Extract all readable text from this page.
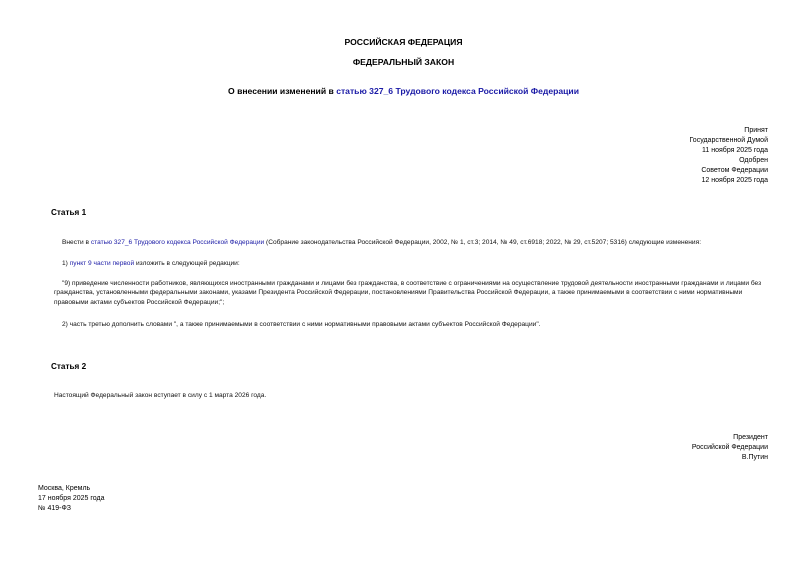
РОССИЙСКАЯ ФЕДЕРАЦИЯ
ФЕДЕРАЛЬНЫЙ ЗАКОН
О внесении изменений в статью 327_6 Трудового кодекса Российской Федерации
Принят
Государственной Думой
11 ноября 2025 года
Одобрен
Советом Федерации
12 ноября 2025 года
Статья 1
Внести в статью 327_6 Трудового кодекса Российской Федерации (Собрание законодательства Российской Федерации, 2002, № 1, ст.3; 2014, № 49, ст.6918; 2022, № 29, ст.5207; 5316) следующие изменения:
1) пункт 9 части первой изложить в следующей редакции:
"9) приведение численности работников, являющихся иностранными гражданами и лицами без гражданства, в соответствие с ограничениями на осуществление трудовой деятельности иностранными гражданами и лицами без гражданства, установленными федеральными законами, указами Президента Российской Федерации, постановлениями Правительства Российской Федерации, а также принимаемыми в соответствии с ними нормативными правовыми актами субъектов Российской Федерации;";
2) часть третью дополнить словами ", а также принимаемыми в соответствии с ними нормативными правовыми актами субъектов Российской Федерации".
Статья 2
Настоящий Федеральный закон вступает в силу с 1 марта 2026 года.
Президент
Российской Федерации
В.Путин
Москва, Кремль
17 ноября 2025 года
№ 419-ФЗ
